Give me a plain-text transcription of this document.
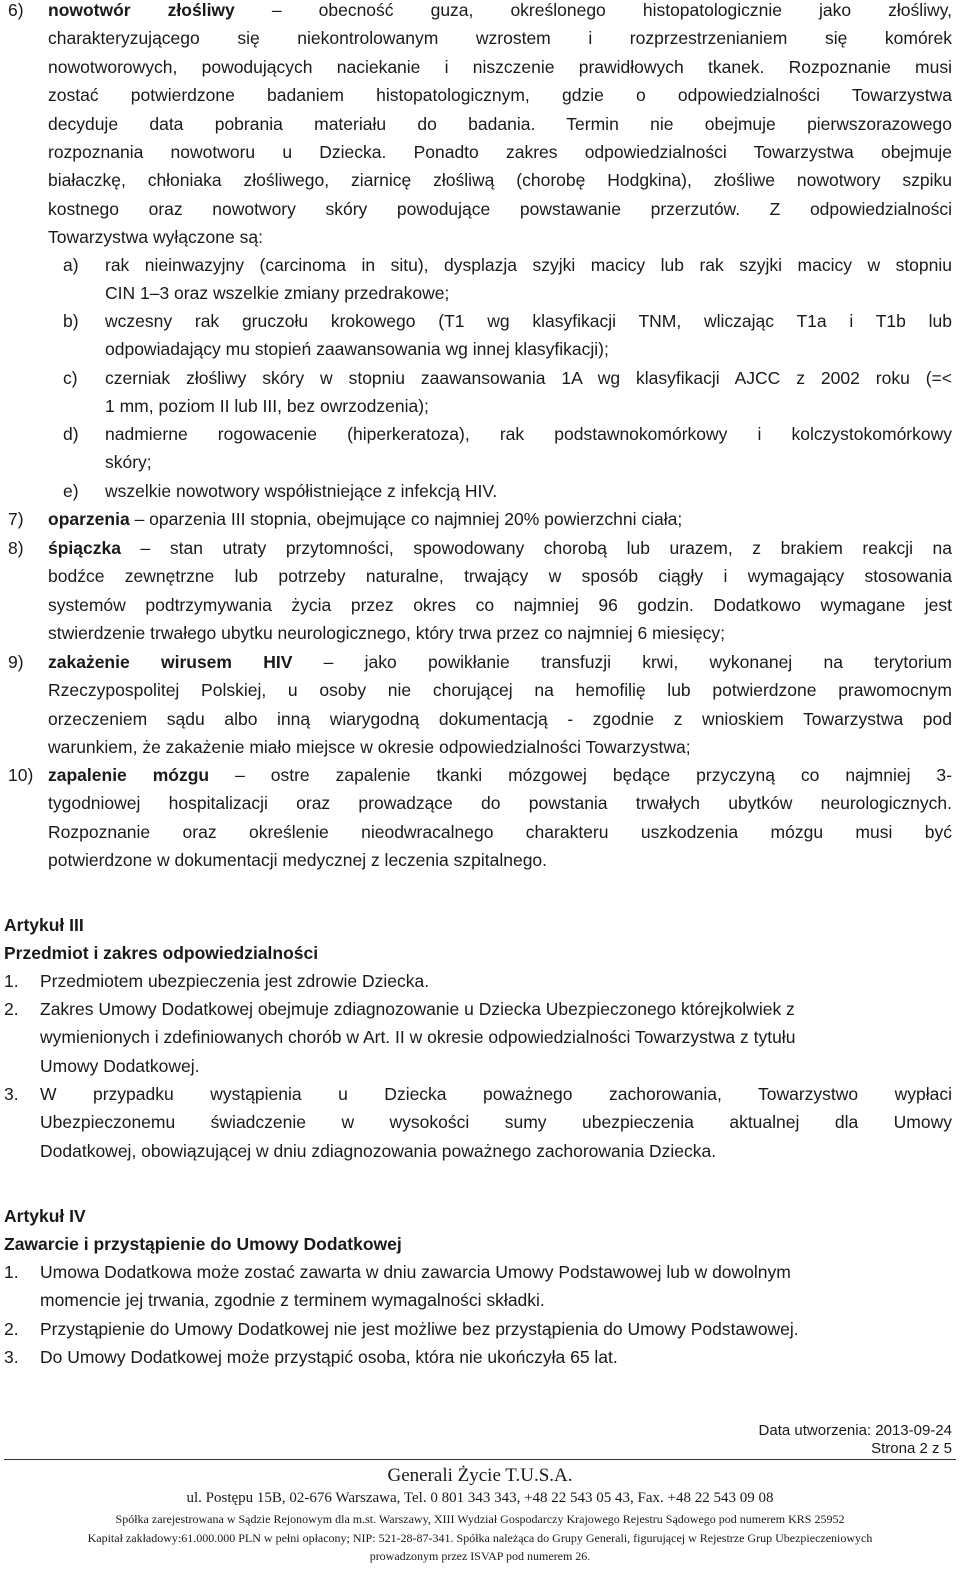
6) nowotwór złośliwy – obecność guza, określonego histopatologicznie jako złośliwy,
charakteryzującego się niekontrolowanym wzrostem i rozprzestrzenianiem się komórek
nowotworowych, powodujących naciekanie i niszczenie prawidłowych tkanek. Rozpoznanie musi
zostać potwierdzone badaniem histopatologicznym, gdzie o odpowiedzialności Towarzystwa
decyduje data pobrania materiału do badania. Termin nie obejmuje pierwszorazowego
rozpoznania nowotworu u Dziecka. Ponadto zakres odpowiedzialności Towarzystwa obejmuje
białaczkę, chłoniaka złośliwego, ziarnicę złośliwą (chorobę Hodgkina), złośliwe nowotwory szpiku
kostnego oraz nowotwory skóry powodujące powstawanie przerzutów. Z odpowiedzialności
Towarzystwa wyłączone są:
a) rak nieinwazyjny (carcinoma in situ), dysplazja szyjki macicy lub rak szyjki macicy w stopniu
CIN 1–3 oraz wszelkie zmiany przedrakowe;
b) wczesny rak gruczołu krokowego (T1 wg klasyfikacji TNM, wliczając T1a i T1b lub
odpowiadający mu stopień zaawansowania wg innej klasyfikacji);
c) czerniak złośliwy skóry w stopniu zaawansowania 1A wg klasyfikacji AJCC z 2002 roku (=<
1 mm, poziom II lub III, bez owrzodzenia);
d) nadmierne rogowacenie (hiperkeratoza), rak podstawnokomórkowy i kolczystokomórkowy
skóry;
e) wszelkie nowotwory współistniejące z infekcją HIV.
7) oparzenia – oparzenia III stopnia, obejmujące co najmniej 20% powierzchni ciała;
8) śpiączka – stan utraty przytomności, spowodowany chorobą lub urazem, z brakiem reakcji na
bodźce zewnętrzne lub potrzeby naturalne, trwający w sposób ciągły i wymagający stosowania
systemów podtrzymywania życia przez okres co najmniej 96 godzin. Dodatkowo wymagane jest
stwierdzenie trwałego ubytku neurologicznego, który trwa przez co najmniej 6 miesięcy;
9) zakażenie wirusem HIV – jako powikłanie transfuzji krwi, wykonanej na terytorium
Rzeczypospolitej Polskiej, u osoby nie chorującej na hemofilię lub potwierdzone prawomocnym
orzeczeniem sądu albo inną wiarygodną dokumentacją - zgodnie z wnioskiem Towarzystwa pod
warunkiem, że zakażenie miało miejsce w okresie odpowiedzialności Towarzystwa;
10) zapalenie mózgu – ostre zapalenie tkanki mózgowej będące przyczyną co najmniej 3-
tygodniowej hospitalizacji oraz prowadzące do powstania trwałych ubytków neurologicznych.
Rozpoznanie oraz określenie nieodwracalnego charakteru uszkodzenia mózgu musi być
potwierdzone w dokumentacji medycznej z leczenia szpitalnego.
Artykuł III
Przedmiot i zakres odpowiedzialności
1. Przedmiotem ubezpieczenia jest zdrowie Dziecka.
2. Zakres Umowy Dodatkowej obejmuje zdiagnozowanie u Dziecka Ubezpieczonego którejkolwiek z
wymienionych i zdefiniowanych chorób w Art. II w okresie odpowiedzialności Towarzystwa z tytułu
Umowy Dodatkowej.
3. W przypadku wystąpienia u Dziecka poważnego zachorowania, Towarzystwo wypłaci
Ubezpieczonemu świadczenie w wysokości sumy ubezpieczenia aktualnej dla Umowy
Dodatkowej, obowiązującej w dniu zdiagnozowania poważnego zachorowania Dziecka.
Artykuł IV
Zawarcie i przystąpienie do Umowy Dodatkowej
1. Umowa Dodatkowa może zostać zawarta w dniu zawarcia Umowy Podstawowej lub w dowolnym
momencie jej trwania, zgodnie z terminem wymagalności składki.
2. Przystąpienie do Umowy Dodatkowej nie jest możliwe bez przystąpienia do Umowy Podstawowej.
3. Do Umowy Dodatkowej może przystąpić osoba, która nie ukończyła 65 lat.
Data utworzenia: 2013-09-24
Strona 2 z 5
Generali Życie T.U.S.A.
ul. Postępu 15B, 02-676 Warszawa, Tel. 0 801 343 343, +48 22 543 05 43, Fax. +48 22 543 09 08
Spółka zarejestrowana w Sądzie Rejonowym dla m.st. Warszawy, XIII Wydział Gospodarczy Krajowego Rejestru Sądowego pod numerem KRS 25952
Kapitał zakładowy:61.000.000 PLN w pełni opłacony; NIP: 521-28-87-341. Spółka należąca do Grupy Generali, figurującej w Rejestrze Grup Ubezpieczeniowych
prowadzonym przez ISVAP pod numerem 26.
